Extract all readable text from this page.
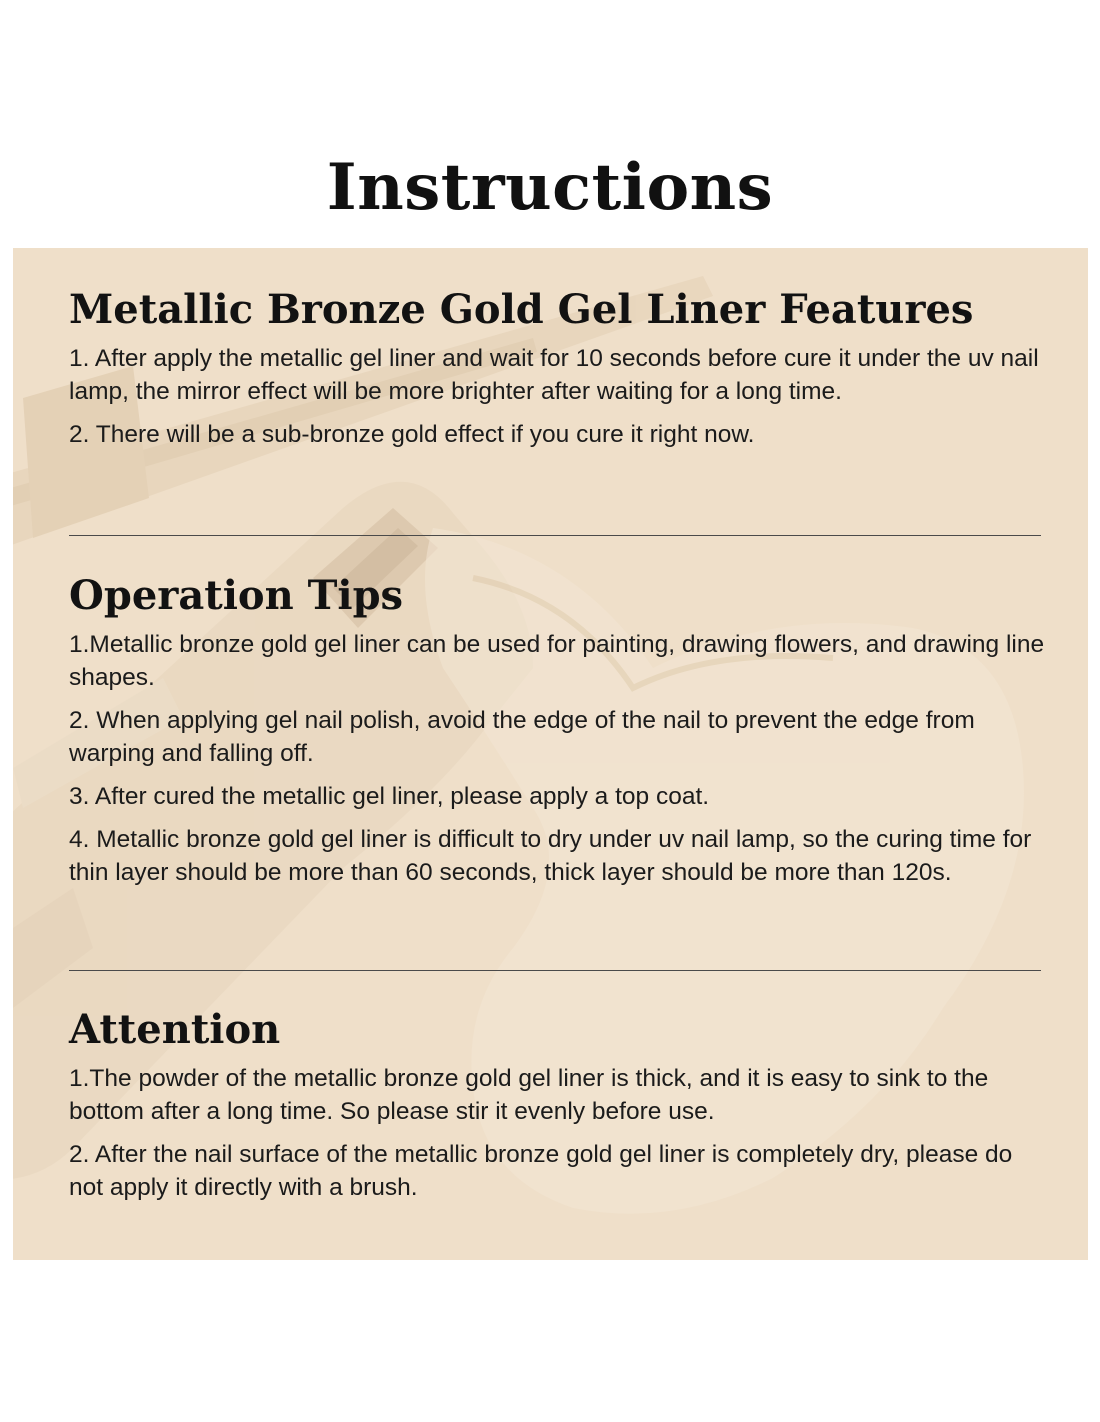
Instructions
Metallic Bronze Gold Gel Liner Features
1. After apply the metallic gel liner and wait for 10 seconds before cure it under the uv nail lamp, the mirror effect will be more brighter after waiting for a long time.
2. There will be a sub-bronze gold effect if you cure it right now.
Operation Tips
1.Metallic bronze gold gel liner can be used for painting, drawing flowers, and drawing line shapes.
2. When applying gel nail polish, avoid the edge of the nail to prevent the edge from warping and falling off.
3. After cured the metallic gel liner, please apply a top coat.
4. Metallic bronze gold gel liner is difficult to dry under uv nail lamp, so the curing time for thin layer should be more than 60 seconds, thick layer should be more than 120s.
Attention
1.The powder of the metallic bronze gold gel liner is thick, and it is easy to sink to the bottom after a long time. So please stir it evenly before use.
2. After the nail surface of the metallic bronze gold gel liner is completely dry, please do not apply it directly with a brush.
